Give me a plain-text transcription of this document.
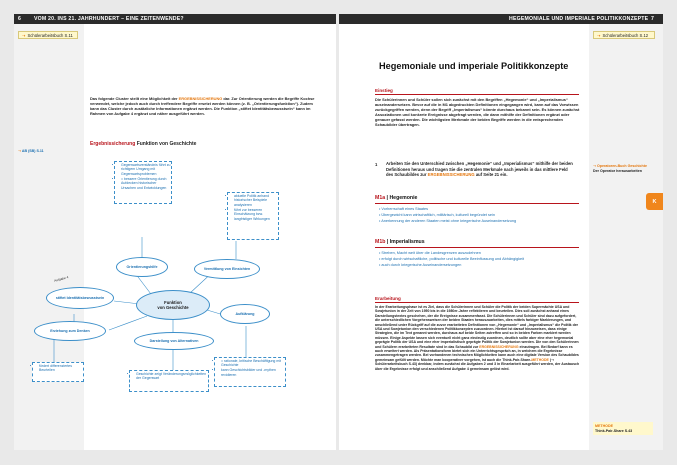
6	VOM 20. INS 21. JAHRHUNDERT – EINE ZEITENWENDE?
➝ Schülerarbeitsbuch S.11
➝ AB (SB) S.11
Das folgende Cluster stellt eine Möglichkeit der ERGEBNISSICHERUNG dar. Zur Orientierung werden die Begriffe Kochse verwendet, welche jedoch auch durch treffendere Begriffe ersetzt werden können (z. B. „Orientierungsfunktion“). Zudem kann das Cluster durch zusätzliche Informationen ergänzt werden. Die Funktion „stiftet Identitätsbewusstsein“ kann im Rahmen von Aufgabe 4 ergänzt und näher ausgeführt werden.
Ergebnissicherung Funktion von Geschichte
• Gegenwartsverständnis führt zu richtigem Umgang mit Gegenwartsproblemen
• = bessere Orientierung durch Aufdecken historischer Ursachen und Entwicklungen
• aktuelle Politik anhand historischer Beispiele analysieren
• führt zur besseren Einschätzung bzw. langfristiger Wirkungen
Orientierungshilfe	Vermittlung von Einsichten
Aufgabe 4
stiftet Identitätsbewusstsein
Funktion
von Geschichte
Aufklärung
Erziehung zum Denken
Darstellung von Alternativen
• fördert differenziertes Beurteilen
• Geschichte zeigt Veränderungsmöglichkeiten der Gegenwart
• = rationale, kritische Beschäftigung mit Geschichte
• kann Geschichtsbilder und -mythen revidieren
HEGEMONIALE UND IMPERIALE POLITIKKONZEPTE 7
➝ Schülerarbeitsbuch S.12
Hegemoniale und imperiale Politikkonzepte
Einstieg
Die Schülerinnen und Schüler sollen sich zunächst mit den Begriffen „Hegemonie“ und „Imperialismus“ auseinandersetzen. Bevor auf die in M1 abgedruckten Definitionen eingegangen wird, kann auf das Vorwissen zurückgegriffen werden, denn der Begriff „Imperialismus“ könnte durchaus bekannt sein. Es können zunächst Assoziationen und konkrete Ereignisse abgefragt werden, die dann mithilfe der Definitionen ergänzt oder genauer gefasst werden. Die wichtigsten Merkmale der beiden Begriffe werden in die entsprechenden Schaubilder übertragen.
1 Arbeiten Sie den Unterschied zwischen „Hegemonie“ und „Imperialismus“ mithilfe der beiden Definitionen heraus und tragen Sie die zentralen Merkmale nach jeweils in das mittlere Feld des Schaubildes zur ERGEBNISSICHERUNG auf Seite 21 ein.
M1a | Hegemonie
• Vorherrschaft eines Staates
• Übergewicht kann wirtschaftlich, militärisch, kulturell begründet sein
• Anerkennung der anderen Staaten meist ohne kriegerische Auseinandersetzung
M1b | Imperialismus
• Streben, Macht weit über die Landesgrenzen auszudehnen
• erfolgt durch wirtschaftliche, politische und kulturelle Beeinflussung und Abhängigkeit
• auch durch kriegerische Auseinandersetzungen
Erarbeitung
In der Erarbeitungsphase ist es Ziel, dass die Schülerinnen und Schüler die Politik der beiden Supermächte USA und Sowjetunion in der Zeit von 1950 bis in die 1980er-Jahre reflektieren und beurteilen. Dies soll zunächst anhand eines Darstellungstextes geschehen, der die Ereignisse zusammenfasst. Die Schülerinnen und Schüler sind dazu aufgefordert, die unterschiedlichen Vorgehensweisen der beiden Staaten herauszuarbeiten, dies mittels farbiger Markierungen, und anschließend unter Rückgriff auf die zuvor erarbeiteten Definitionen von „Hegemonie“ und „Imperialismus“ die Politik der USA und Sowjetunion den verschiedenen Politikkonzepten zuzuordnen. Hierbei ist darauf hinzuweisen, dass einige Strategien, die im Text genannt werden, durchaus auf beide Seiten zutreffen und so in beiden Farben markiert werden müssen. Einige Aspekte lassen sich eventuell nicht ganz eindeutig zuordnen, deutlich sollte aber eine eher hegemonial geprägte Politik der USA und eine eher imperialistisch geprägte Politik der Sowjetunion werden. Die von den Schülerinnen und Schülern erarbeiteten Resultate sind in das Schaubild zur ERGEBNISSICHERUNG einzutragen. Bei Bedarf kann es auch erweitert werden. Als Präsentationsform bietet sich ein Unterrichtsgespräch an, in welchem die Ergebnisse zusammengetragen werden. Bei vorhandenen technischen Möglichkeiten kann auch eine digitale Version des Schaubildes gemeinsam gefüllt werden. Möchte man kooperativer vorgehen, ist auch die Think-Pair-Share-METHODE (➝ Schülerarbeitsbuch S.43) denkbar, indem zunächst die Aufgaben 2 und 3 in Einzelarbeit ausgeführt werden, der Austausch über die Ergebnisse erfolgt und anschließend Aufgabe 4 gemeinsam gelöst wird.
➝ Operatoren-Buch Geschichte
Der Operator herausarbeiten
METHODE
Think-Pair-Share S.43
K
